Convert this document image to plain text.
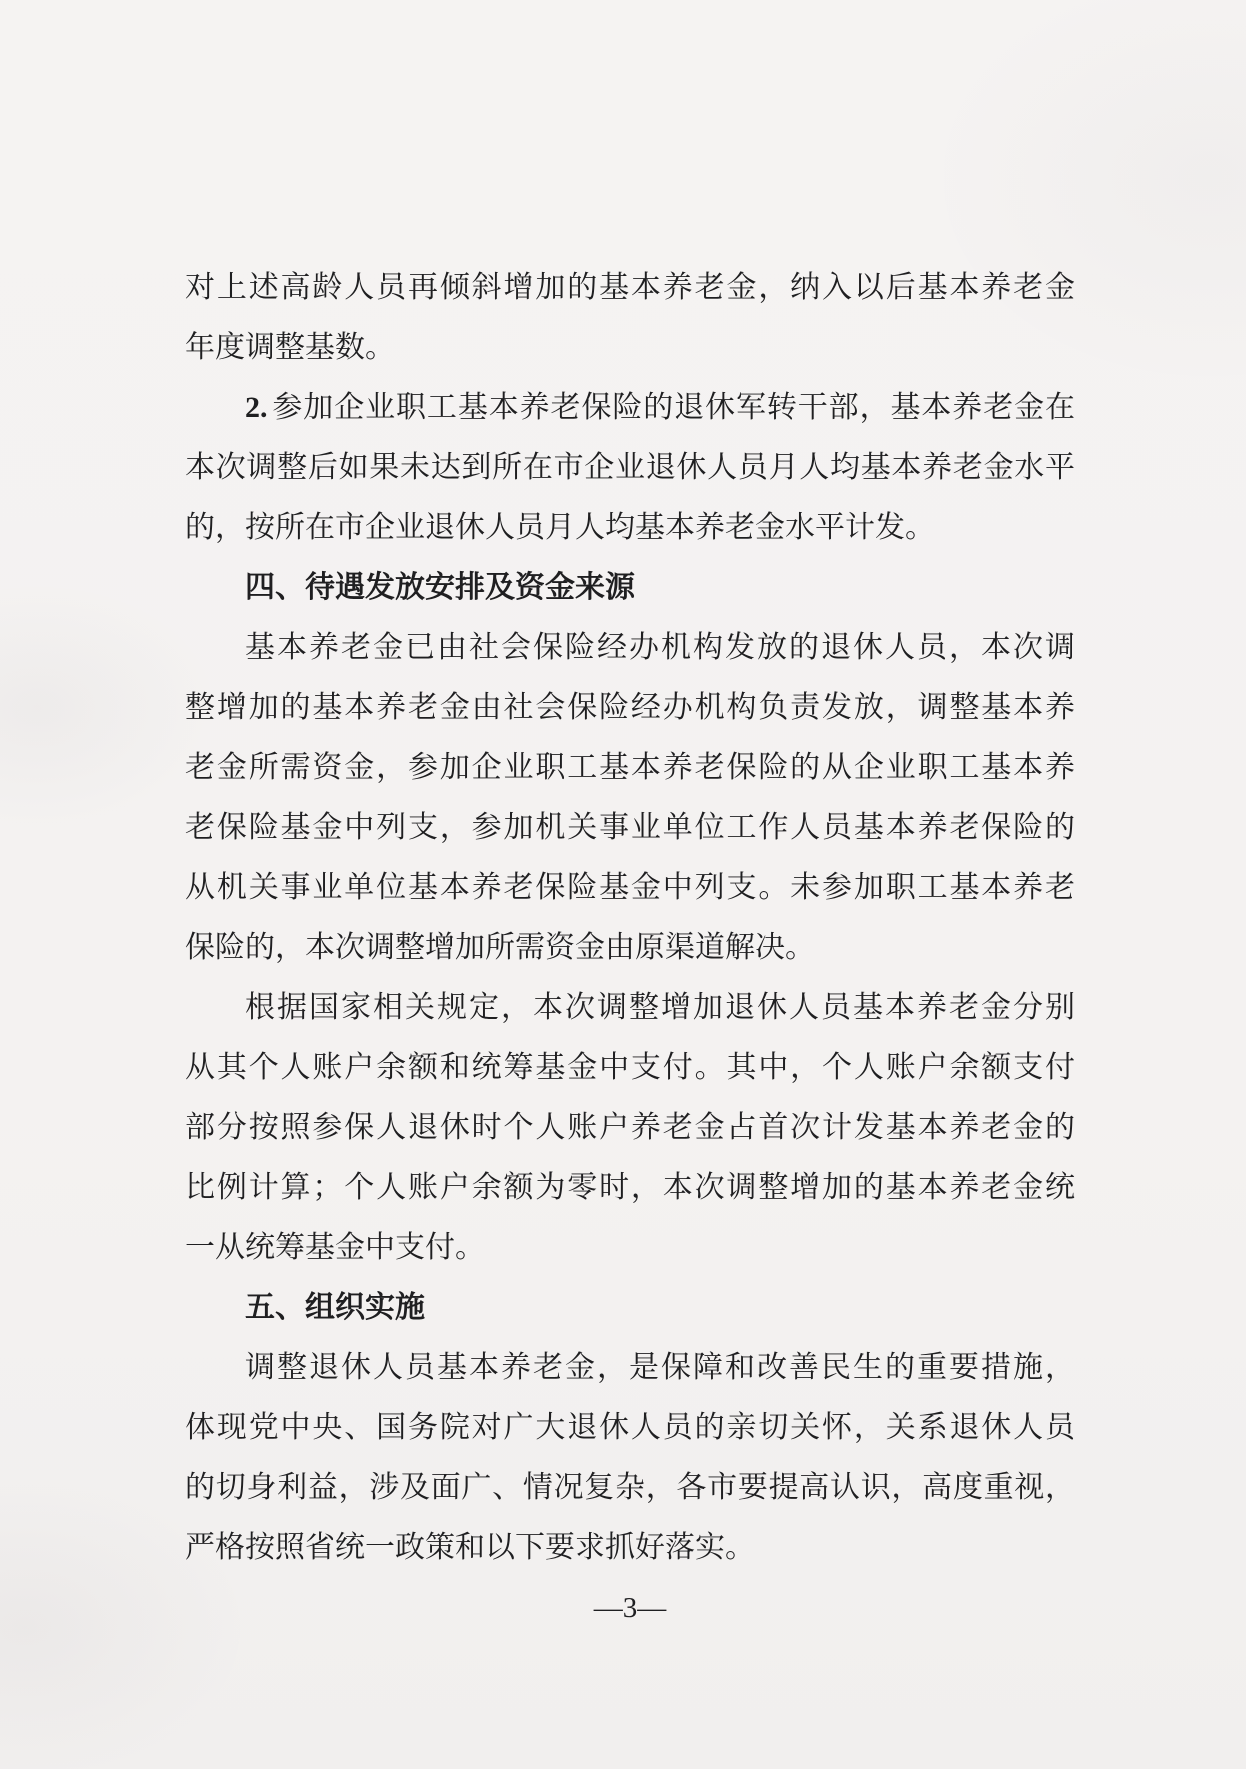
对上述高龄人员再倾斜增加的基本养老金，纳入以后基本养老金
年度调整基数。
2. 参加企业职工基本养老保险的退休军转干部，基本养老金在
本次调整后如果未达到所在市企业退休人员月人均基本养老金水平
的，按所在市企业退休人员月人均基本养老金水平计发。
四、待遇发放安排及资金来源
基本养老金已由社会保险经办机构发放的退休人员，本次调
整增加的基本养老金由社会保险经办机构负责发放，调整基本养
老金所需资金，参加企业职工基本养老保险的从企业职工基本养
老保险基金中列支，参加机关事业单位工作人员基本养老保险的
从机关事业单位基本养老保险基金中列支。未参加职工基本养老
保险的，本次调整增加所需资金由原渠道解决。
根据国家相关规定，本次调整增加退休人员基本养老金分别
从其个人账户余额和统筹基金中支付。其中，个人账户余额支付
部分按照参保人退休时个人账户养老金占首次计发基本养老金的
比例计算；个人账户余额为零时，本次调整增加的基本养老金统
一从统筹基金中支付。
五、组织实施
调整退休人员基本养老金，是保障和改善民生的重要措施，
体现党中央、国务院对广大退休人员的亲切关怀，关系退休人员
的切身利益，涉及面广、情况复杂，各市要提高认识，高度重视，
严格按照省统一政策和以下要求抓好落实。
—3—
